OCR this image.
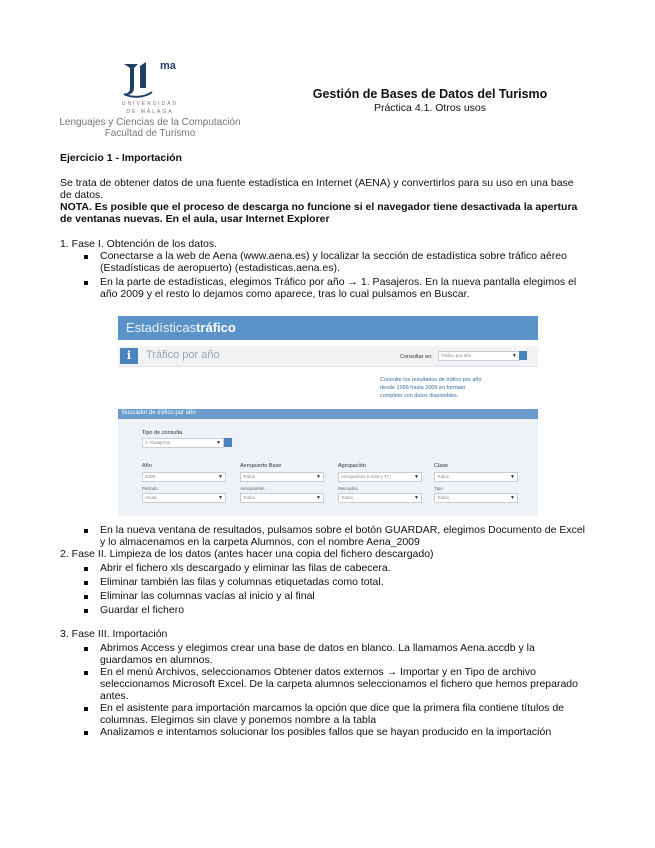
ma
UNIVERSIDAD
DE MÁLAGA
Lenguajes y Ciencias de la Computación
Facultad de Turismo
Gestión de Bases de Datos del Turismo
Práctica 4.1. Otros usos
Ejercicio 1 - Importación
Se trata de obtener datos de una fuente estadística en Internet (AENA) y convertirlos para su uso en una base
de datos.
NOTA. Es posible que el proceso de descarga no funcione si el navegador tiene desactivada la apertura
de ventanas nuevas. En el aula, usar Internet Explorer
1. Fase I. Obtención de los datos.
Conectarse a la web de Aena (www.aena.es) y localizar la sección de estadística sobre tráfico aéreo
(Estadísticas de aeropuerto) (estadisticas.aena.es).
En la parte de estadísticas, elegimos Tráfico por año → 1. Pasajeros. En la nueva pantalla elegimos el
año 2009 y el resto lo dejamos como aparece, tras lo cual pulsamos en Buscar.
Estadísticastráfico
i	Tráfico por año	Consultar en:	Tráfico por año	▼
Consulte los resultados de tráfico por año
desde 1996 hasta 2009 en formato
completo con datos disponibles.
Buscador de tráfico por año
Tipo de consulta
1. Pasajeros	▼
Año	Aeropuerto Base	Agrupación	Clase
2009	▼	Todos	▼	Aeropuertos (Línea y Tr.)	▼	Todos	▼
Período	Aeropuertos	Mercados	Tipo
Anual	▼	Todos	▼	Todos	▼	Todos	▼
En la nueva ventana de resultados, pulsamos sobre el botón GUARDAR, elegimos Documento de Excel
y lo almacenamos en la carpeta Alumnos, con el nombre Aena_2009
2. Fase II. Limpieza de los datos (antes hacer una copia del fichero descargado)
Abrir el fichero xls descargado y eliminar las filas de cabecera.
Eliminar también las filas y columnas etiquetadas como total.
Eliminar las columnas vacías al inicio y al final
Guardar el fichero
3. Fase III. Importación
Abrimos Access y elegimos crear una base de datos en blanco. La llamamos Aena.accdb y la
guardamos en alumnos.
En el menú Archivos, seleccionamos Obtener datos externos → Importar y en Tipo de archivo
seleccionamos Microsoft Excel. De la carpeta alumnos seleccionamos el fichero que hemos preparado
antes.
En el asistente para importación marcamos la opción que dice que la primera fila contiene títulos de
columnas. Elegimos sin clave y ponemos nombre a la tabla
Analizamos e intentamos solucionar los posibles fallos que se hayan producido en la importación
